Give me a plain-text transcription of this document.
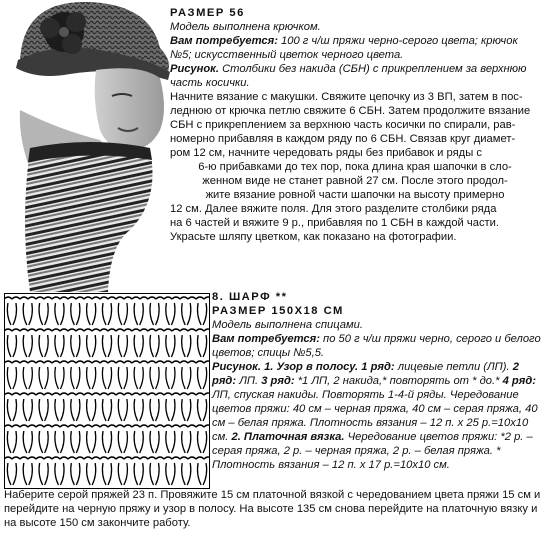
РАЗМЕР 56

Модель выполнена крючком.

Вам потребуется: 100 г ч/ш пряжи черно-серого цвета; крючок №5; искусственный цветок черного цвета.

Рисунок. Столбики без накида (СБН) с прикреплением за верхнюю часть косички.

Начните вязание с макушки. Свяжите цепочку из 3 ВП, затем в пос-

леднюю от крючка петлю свяжите 6 СБН. Затем продолжите вязание

СБН с прикреплением за верхнюю часть косички по спирали, рав-

номерно прибавляя в каждом ряду по 6 СБН. Связав круг диамет-

ром 12 см, начните чередовать ряды без прибавок и ряды с

6-ю прибавками до тех пор, пока длина края шапочки в сло-

женном виде не станет равной 27 см. После этого продол-

жите вязание ровной части шапочки на высоту примерно

12 см. Далее вяжите поля. Для этого разделите столбики ряда

на 6 частей и вяжите 9 р., прибавляя по 1 СБН в каждой части.

Украсьте шляпу цветком, как показано на фотографии.

8. ШАРФ **

РАЗМЕР 150Х18 СМ

Модель выполнена спицами.

Вам потребуется: по 50 г ч/ш пряжи черно, серого и белого цветов; спицы №5,5.

Рисунок. 1. Узор в полосу. 1 ряд: лицевые петли (ЛП). 2 ряд: ЛП. 3 ряд: *1 ЛП, 2 накида,* повторять от * до.* 4 ряд: ЛП, спуская накиды. Повторять 1-4-й ряды. Чередование цветов пряжи: 40 см – черная пряжа, 40 см – серая пряжа, 40 см – белая пряжа. Плотность вязания – 12 п. х 25 р.=10х10 см. 2. Платочная вязка. Чередование цветов пряжи: *2 р. – серая пряжа, 2 р. – черная пряжа, 2 р. – белая пряжа. * Плотность вязания – 12 п. х 17 р.=10х10 см.

Наберите серой пряжей 23 п. Провяжите 15 см платочной вязкой с чередованием цвета пряжи 15 см и перейдите на черную пряжу и узор в полосу. На высоте 135 см снова перейдите на платочную вязку и на высоте 150 см закончите работу.
